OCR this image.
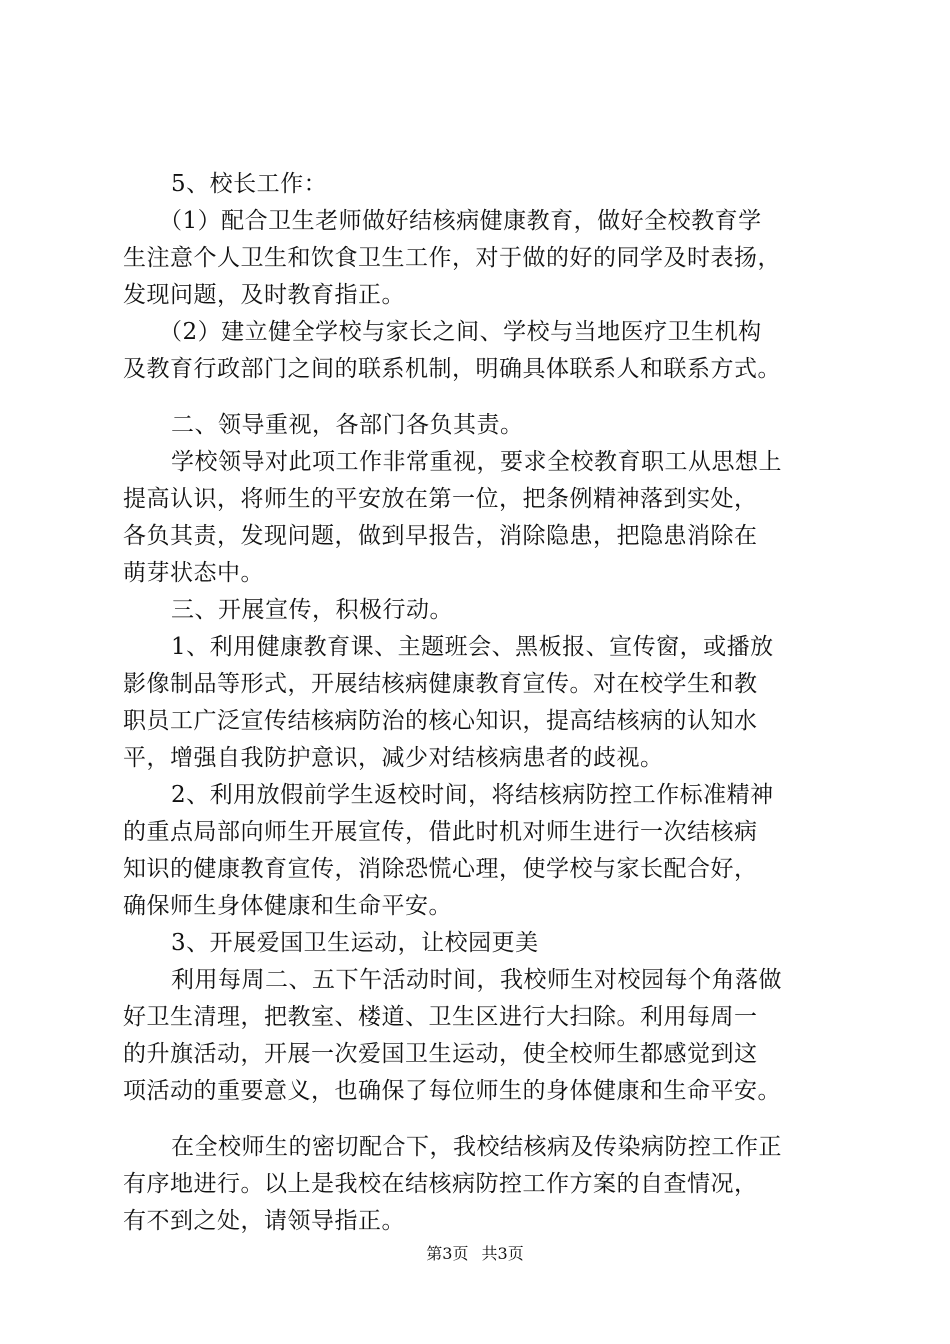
5、校长工作：
（1）配合卫生老师做好结核病健康教育，做好全校教育学
生注意个人卫生和饮食卫生工作，对于做的好的同学及时表扬，
发现问题，及时教育指正。
（2）建立健全学校与家长之间、学校与当地医疗卫生机构
及教育行政部门之间的联系机制，明确具体联系人和联系方式。
二、领导重视，各部门各负其责。
学校领导对此项工作非常重视，要求全校教育职工从思想上
提高认识，将师生的平安放在第一位，把条例精神落到实处，
各负其责，发现问题，做到早报告，消除隐患，把隐患消除在
萌芽状态中。
三、开展宣传，积极行动。
1、利用健康教育课、主题班会、黑板报、宣传窗，或播放
影像制品等形式，开展结核病健康教育宣传。对在校学生和教
职员工广泛宣传结核病防治的核心知识，提高结核病的认知水
平，增强自我防护意识，减少对结核病患者的歧视。
2、利用放假前学生返校时间，将结核病防控工作标准精神
的重点局部向师生开展宣传，借此时机对师生进行一次结核病
知识的健康教育宣传，消除恐慌心理，使学校与家长配合好，
确保师生身体健康和生命平安。
3、开展爱国卫生运动，让校园更美
利用每周二、五下午活动时间，我校师生对校园每个角落做
好卫生清理，把教室、楼道、卫生区进行大扫除。利用每周一
的升旗活动，开展一次爱国卫生运动，使全校师生都感觉到这
项活动的重要意义，也确保了每位师生的身体健康和生命平安。
在全校师生的密切配合下，我校结核病及传染病防控工作正
有序地进行。以上是我校在结核病防控工作方案的自查情况，
有不到之处，请领导指正。
第3页 共3页
